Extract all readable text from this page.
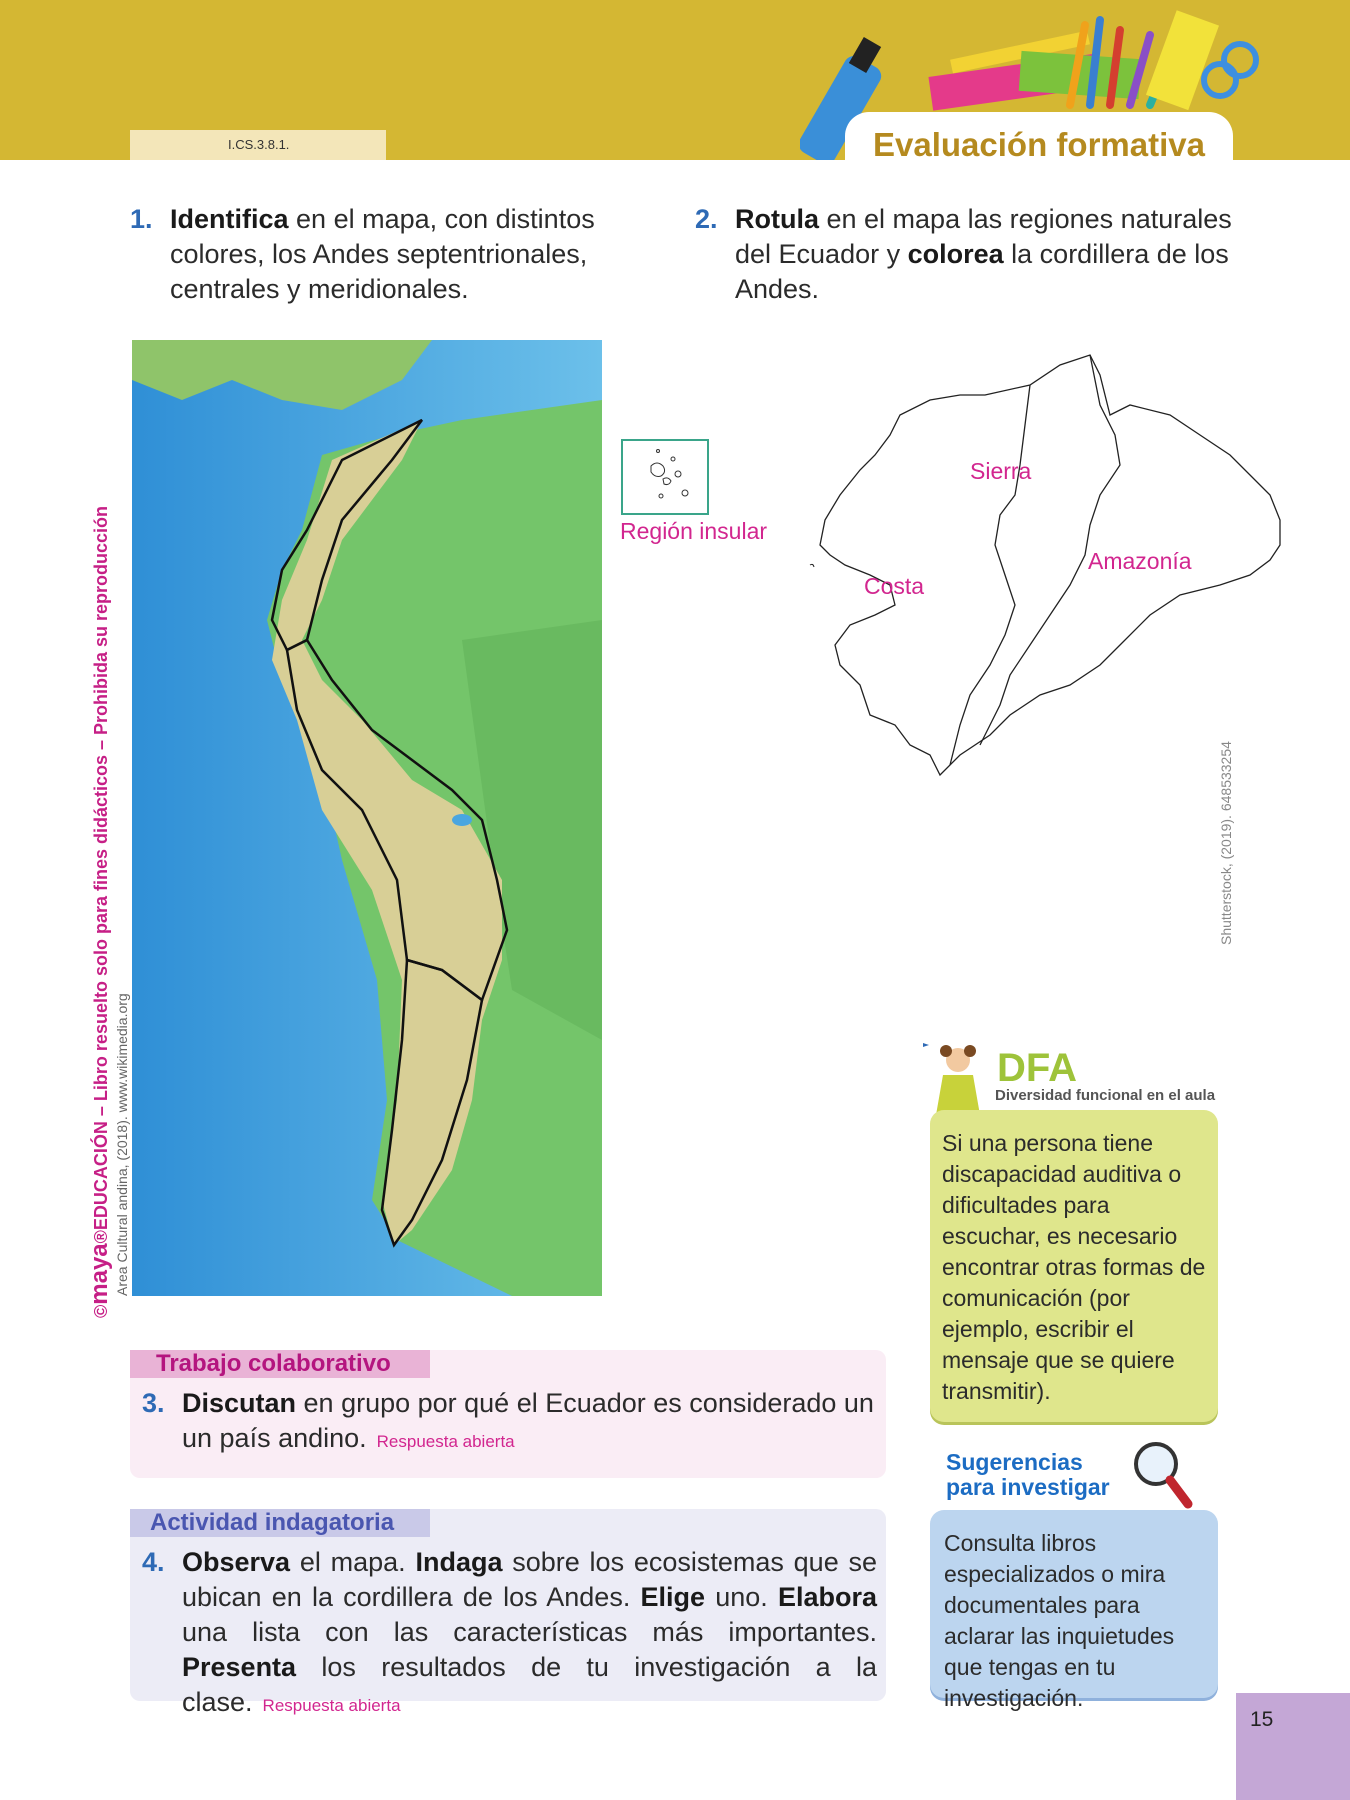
I.CS.3.8.1.	Evaluación formativa
1. Identifica en el mapa, con distintos colores, los Andes septentrionales, centrales y meridionales.
2. Rotula en el mapa las regiones naturales del Ecuador y colorea la cordillera de los Andes.
Región insular
Sierra
Costa
Amazonía
Shutterstock, (2019). 648533254
©maya®EDUCACIÓN – Libro resuelto solo para fines didácticos – Prohibida su reproducción Area Cultural andina, (2018). www.wikimedia.org
Trabajo colaborativo
3. Discutan en grupo por qué el Ecuador es considerado un un país andino. Respuesta abierta
Actividad indagatoria
4. Observa el mapa. Indaga sobre los ecosistemas que se ubican en la cordillera de los Andes. Elige uno. Elabora una lista con las características más importantes. Presenta los resultados de tu investigación a la clase. Respuesta abierta
DFA
Diversidad funcional en el aula
Si una persona tiene discapacidad auditiva o dificultades para escuchar, es necesario encontrar otras formas de comunicación (por ejemplo, escribir el mensaje que se quiere transmitir).
Sugerencias
para investigar
Consulta libros especializados o mira documentales para aclarar las inquietudes que tengas en tu investigación.
15
